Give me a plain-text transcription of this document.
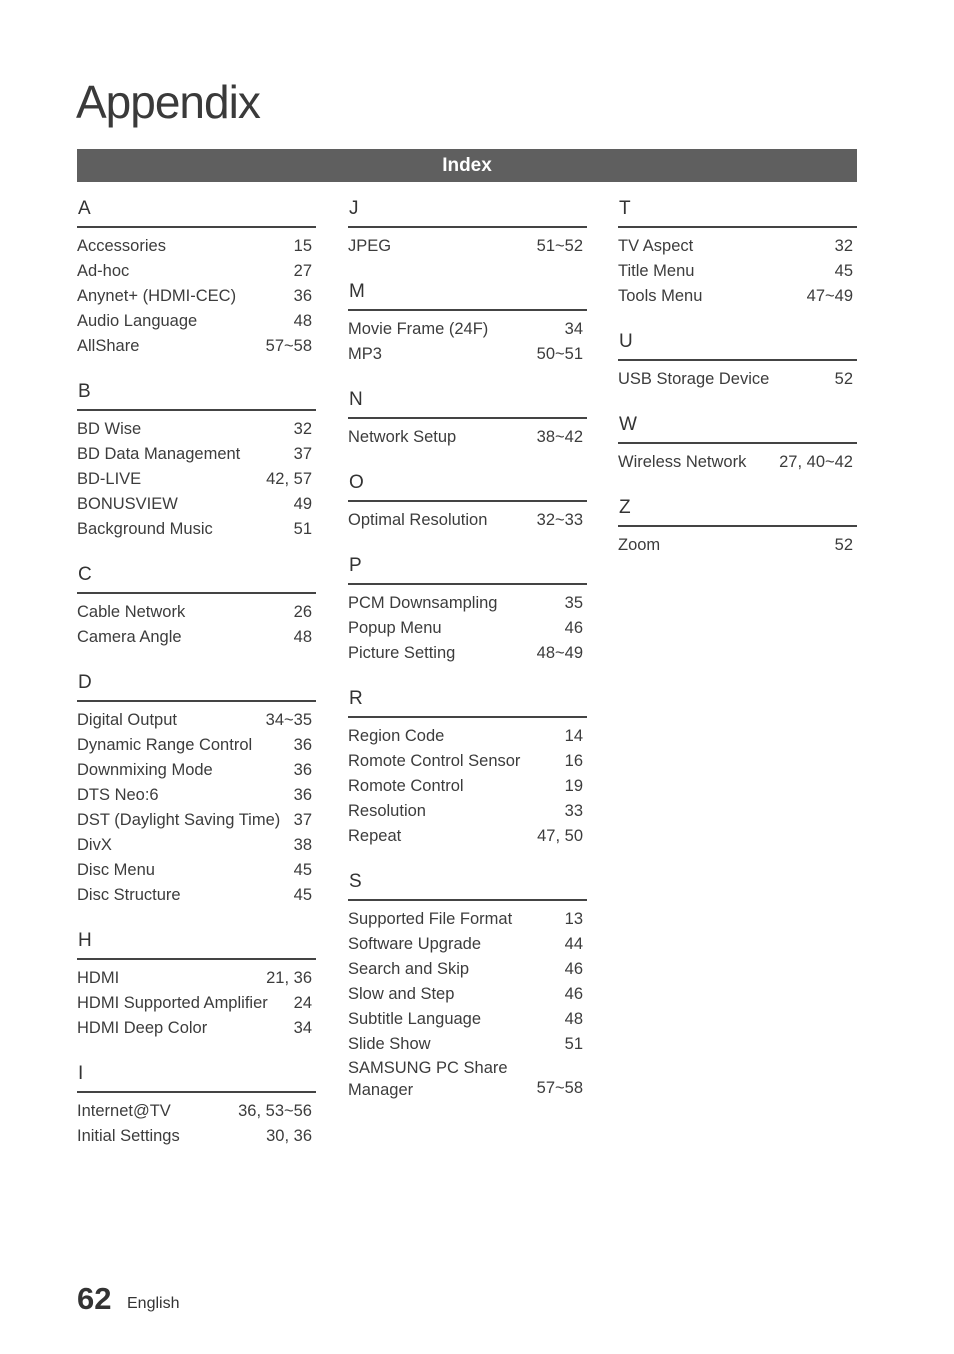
Appendix
Index
A
Accessories	15
Ad-hoc	27
Anynet+ (HDMI-CEC)	36
Audio Language	48
AllShare	57~58
B
BD Wise	32
BD Data Management	37
BD-LIVE	42, 57
BONUSVIEW	49
Background Music	51
C
Cable Network	26
Camera Angle	48
D
Digital Output	34~35
Dynamic Range Control	36
Downmixing Mode	36
DTS Neo:6	36
DST (Daylight Saving Time) 37
DivX	38
Disc Menu	45
Disc Structure	45
H
HDMI	21, 36
HDMI Supported Amplifier	24
HDMI Deep Color	34
I
Internet@TV	36, 53~56
Initial Settings	30, 36
J
JPEG	51~52
M
Movie Frame (24F)	34
MP3	50~51
N
Network Setup	38~42
O
Optimal Resolution	32~33
P
PCM Downsampling	35
Popup Menu	46
Picture Setting	48~49
R
Region Code	14
Romote Control Sensor	16
Romote Control	19
Resolution	33
Repeat	47, 50
S
Supported File Format	13
Software Upgrade	44
Search and Skip	46
Slow and Step	46
Subtitle Language	48
Slide Show	51
SAMSUNG PC Share Manager	57~58
T
TV Aspect	32
Title Menu	45
Tools Menu	47~49
U
USB Storage Device	52
W
Wireless Network	27, 40~42
Z
Zoom	52
62 English
